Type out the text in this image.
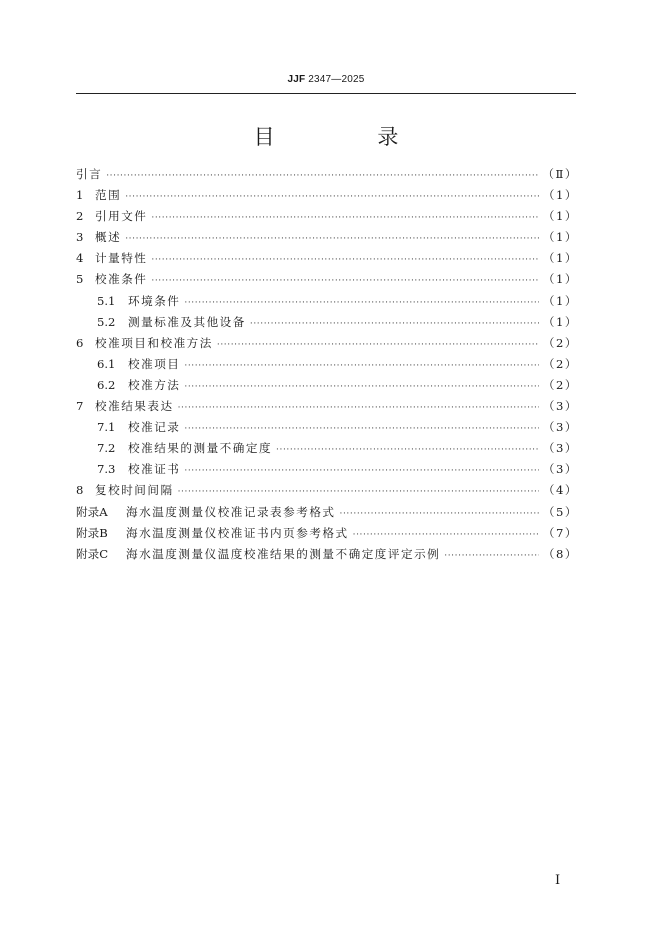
JJF 2347—2025
目 录
引言 ·····	（Ⅱ）
1	范围 ·····	（1）
2	引用文件 ·····	（1）
3	概述 ·····	（1）
4	计量特性 ·····	（1）
5	校准条件 ·····	（1）
5.1	环境条件 ·····	（1）
5.2	测量标准及其他设备 ·····	（1）
6	校准项目和校准方法 ·····	（2）
6.1	校准项目 ·····	（2）
6.2	校准方法 ·····	（2）
7	校准结果表达 ·····	（3）
7.1	校准记录 ·····	（3）
7.2	校准结果的测量不确定度 ·····	（3）
7.3	校准证书 ·····	（3）
8	复校时间间隔 ·····	（4）
附录A	海水温度测量仪校准记录表参考格式 ·····	（5）
附录B	海水温度测量仪校准证书内页参考格式 ·····	（7）
附录C	海水温度测量仪温度校准结果的测量不确定度评定示例 ·····	（8）
I
